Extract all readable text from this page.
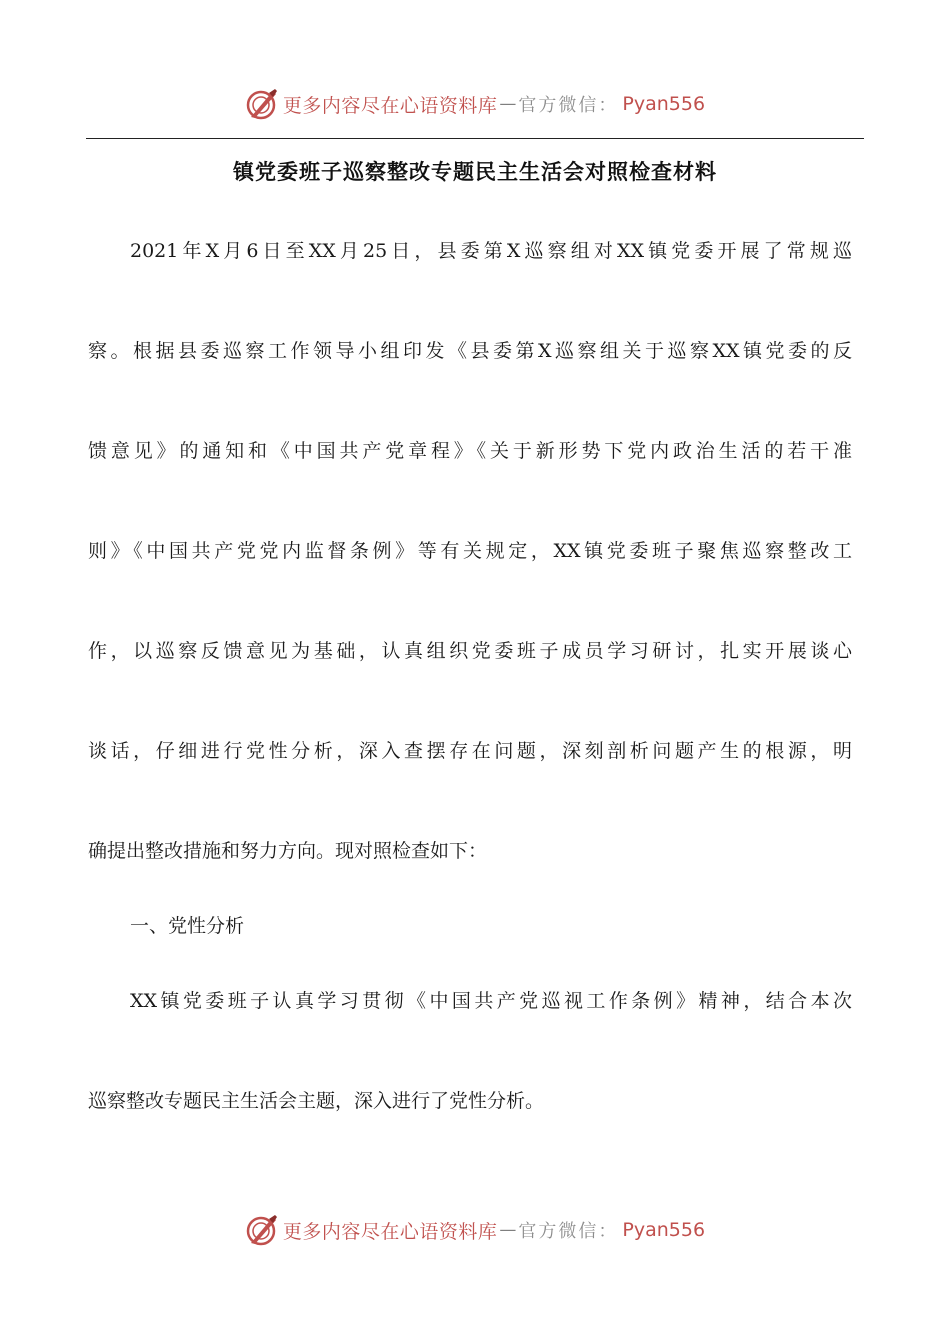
更多内容尽在心语资料库 — 官方微信： Pyan556
镇党委班子巡察整改专题民主生活会对照检查材料

2021年X月6日至XX月25日，县委第X巡察组对XX镇党委开展了常规巡

察。根据县委巡察工作领导小组印发《县委第X巡察组关于巡察XX镇党委的反

馈意见》的通知和《中国共产党章程》《关于新形势下党内政治生活的若干准

则》《中国共产党党内监督条例》等有关规定，XX镇党委班子聚焦巡察整改工

作，以巡察反馈意见为基础，认真组织党委班子成员学习研讨，扎实开展谈心

谈话，仔细进行党性分析，深入查摆存在问题，深刻剖析问题产生的根源，明

确提出整改措施和努力方向。现对照检查如下：

一、党性分析

XX镇党委班子认真学习贯彻《中国共产党巡视工作条例》精神，结合本次

巡察整改专题民主生活会主题，深入进行了党性分析。

更多内容尽在心语资料库 — 官方微信： Pyan556
